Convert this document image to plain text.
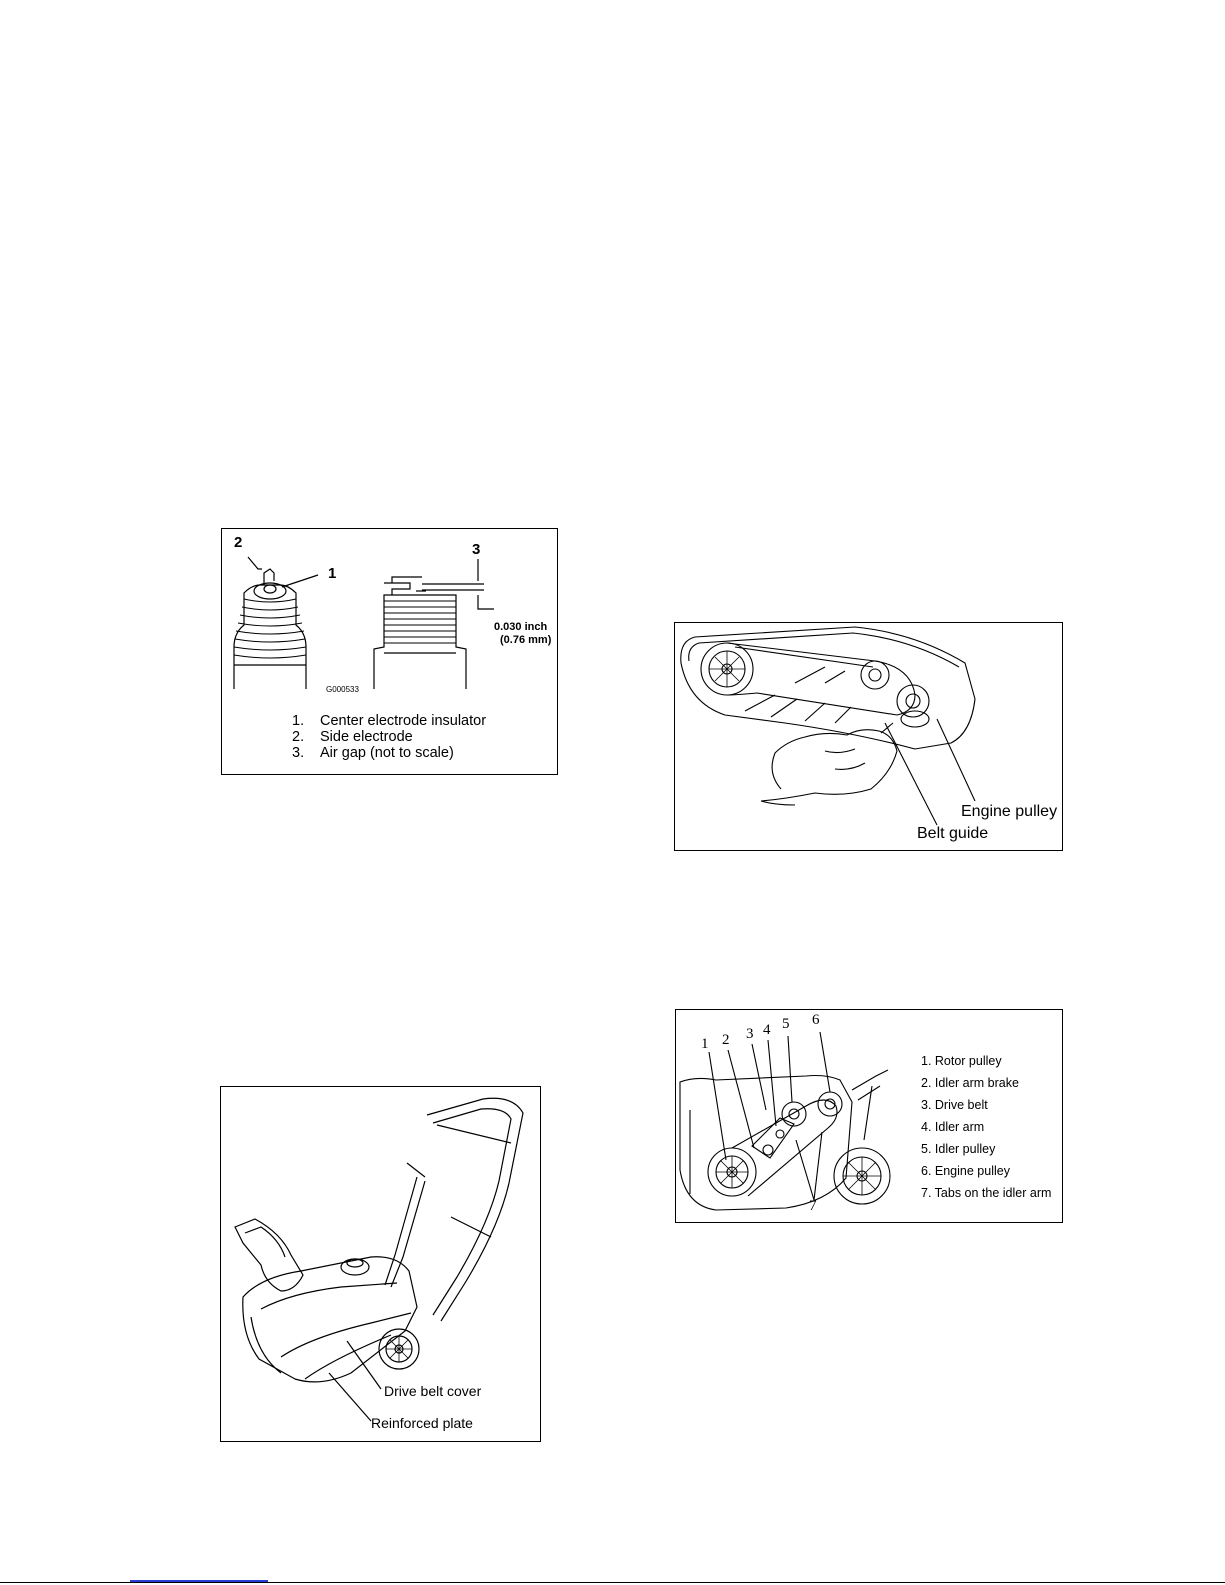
2
1
3
0.030 inch
(0.76 mm)
G000533
1. Center electrode insulator
2. Side electrode
3. Air gap (not to scale)
Engine pulley
Belt guide
Drive belt cover
Reinforced plate
1 2 3 4 5 6
7
1. Rotor pulley
2. Idler arm brake
3. Drive belt
4. Idler arm
5. Idler pulley
6. Engine pulley
7. Tabs on the idler arm
